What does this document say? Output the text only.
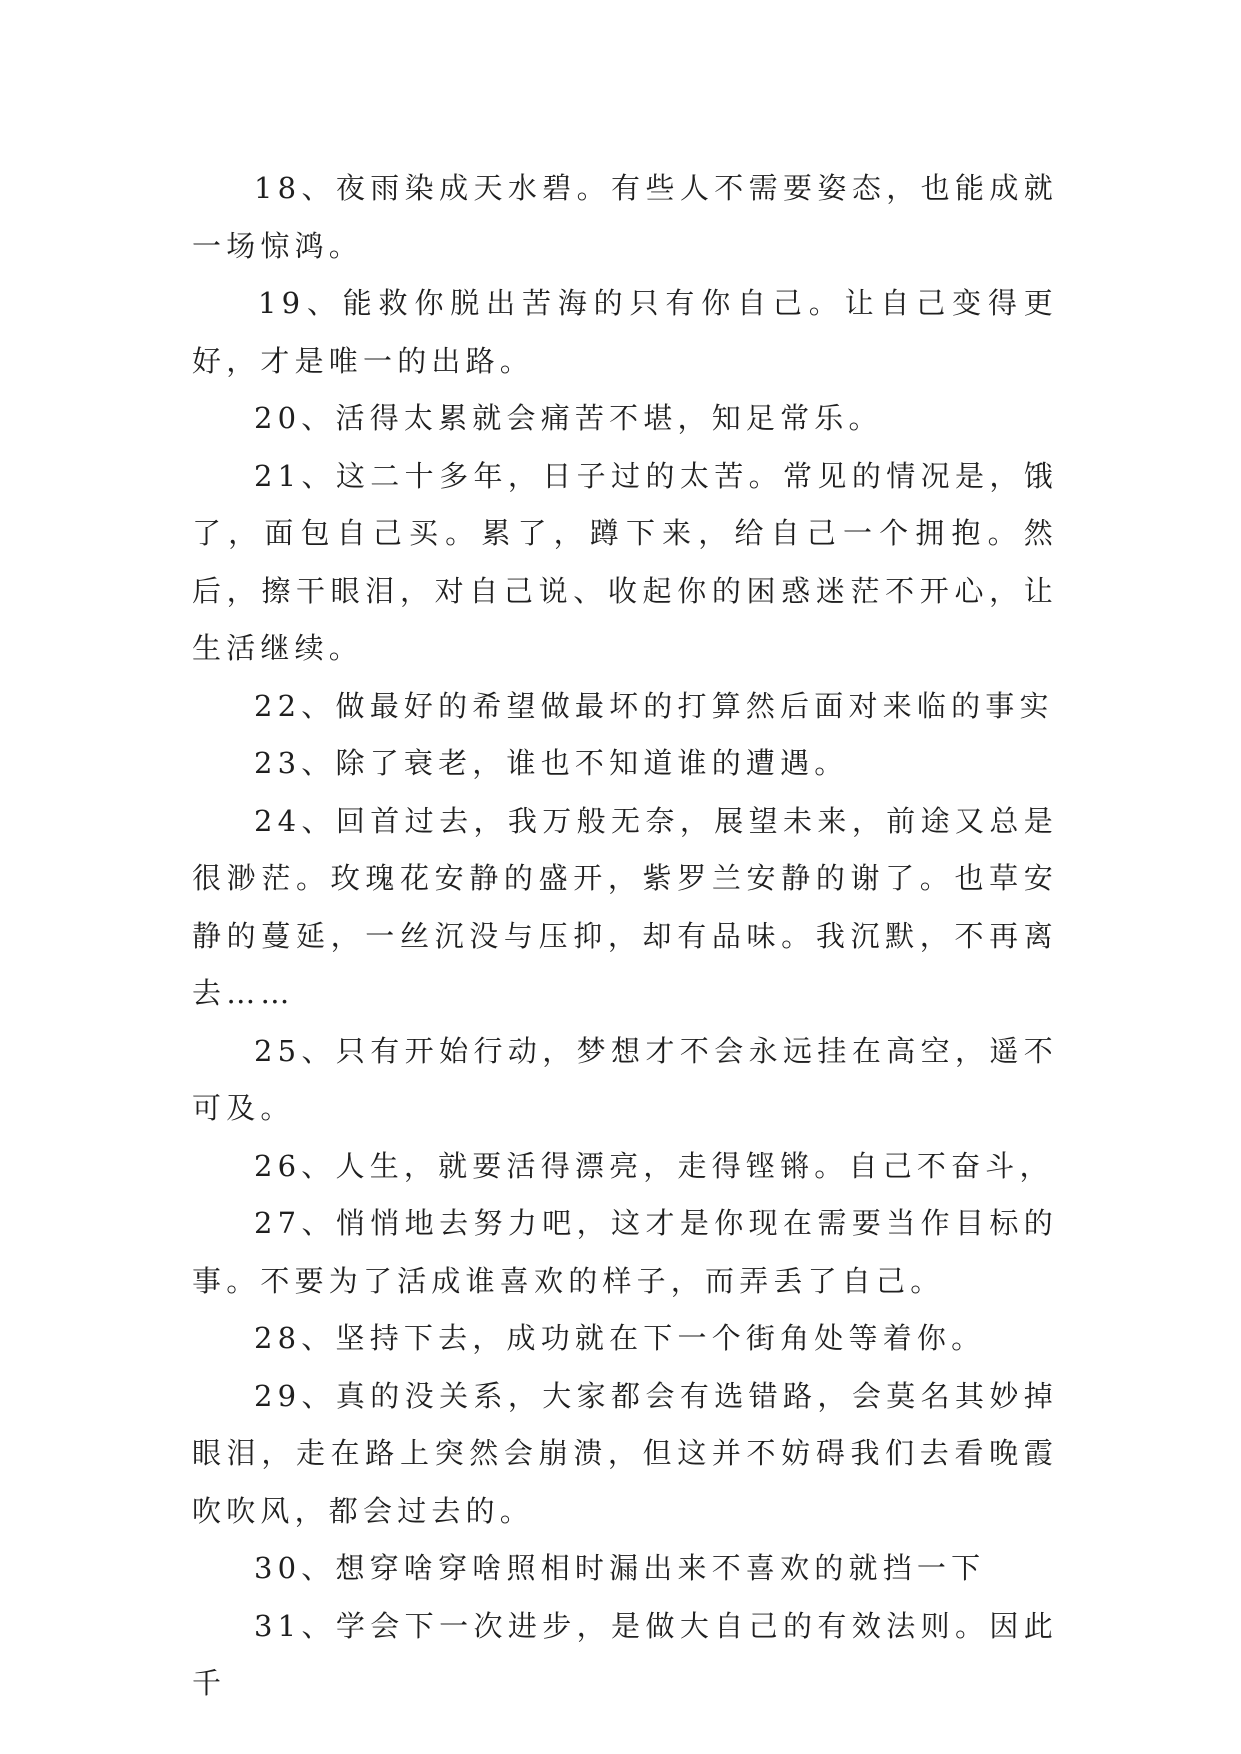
18、夜雨染成天水碧。有些人不需要姿态，也能成就一场惊鸿。

19、能救你脱出苦海的只有你自己。让自己变得更好，才是唯一的出路。

20、活得太累就会痛苦不堪，知足常乐。

21、这二十多年，日子过的太苦。常见的情况是，饿了，面包自己买。累了，蹲下来，给自己一个拥抱。然后，擦干眼泪，对自己说、收起你的困惑迷茫不开心，让生活继续。

22、做最好的希望做最坏的打算然后面对来临的事实

23、除了衰老，谁也不知道谁的遭遇。

24、回首过去，我万般无奈，展望未来，前途又总是很渺茫。玫瑰花安静的盛开，紫罗兰安静的谢了。也草安静的蔓延，一丝沉没与压抑，却有品味。我沉默，不再离去……

25、只有开始行动，梦想才不会永远挂在高空，遥不可及。

26、人生，就要活得漂亮，走得铿锵。自己不奋斗，

27、悄悄地去努力吧，这才是你现在需要当作目标的事。不要为了活成谁喜欢的样子，而弄丢了自己。

28、坚持下去，成功就在下一个街角处等着你。

29、真的没关系，大家都会有选错路，会莫名其妙掉眼泪，走在路上突然会崩溃，但这并不妨碍我们去看晚霞吹吹风，都会过去的。

30、想穿啥穿啥照相时漏出来不喜欢的就挡一下

31、学会下一次进步，是做大自己的有效法则。因此千
